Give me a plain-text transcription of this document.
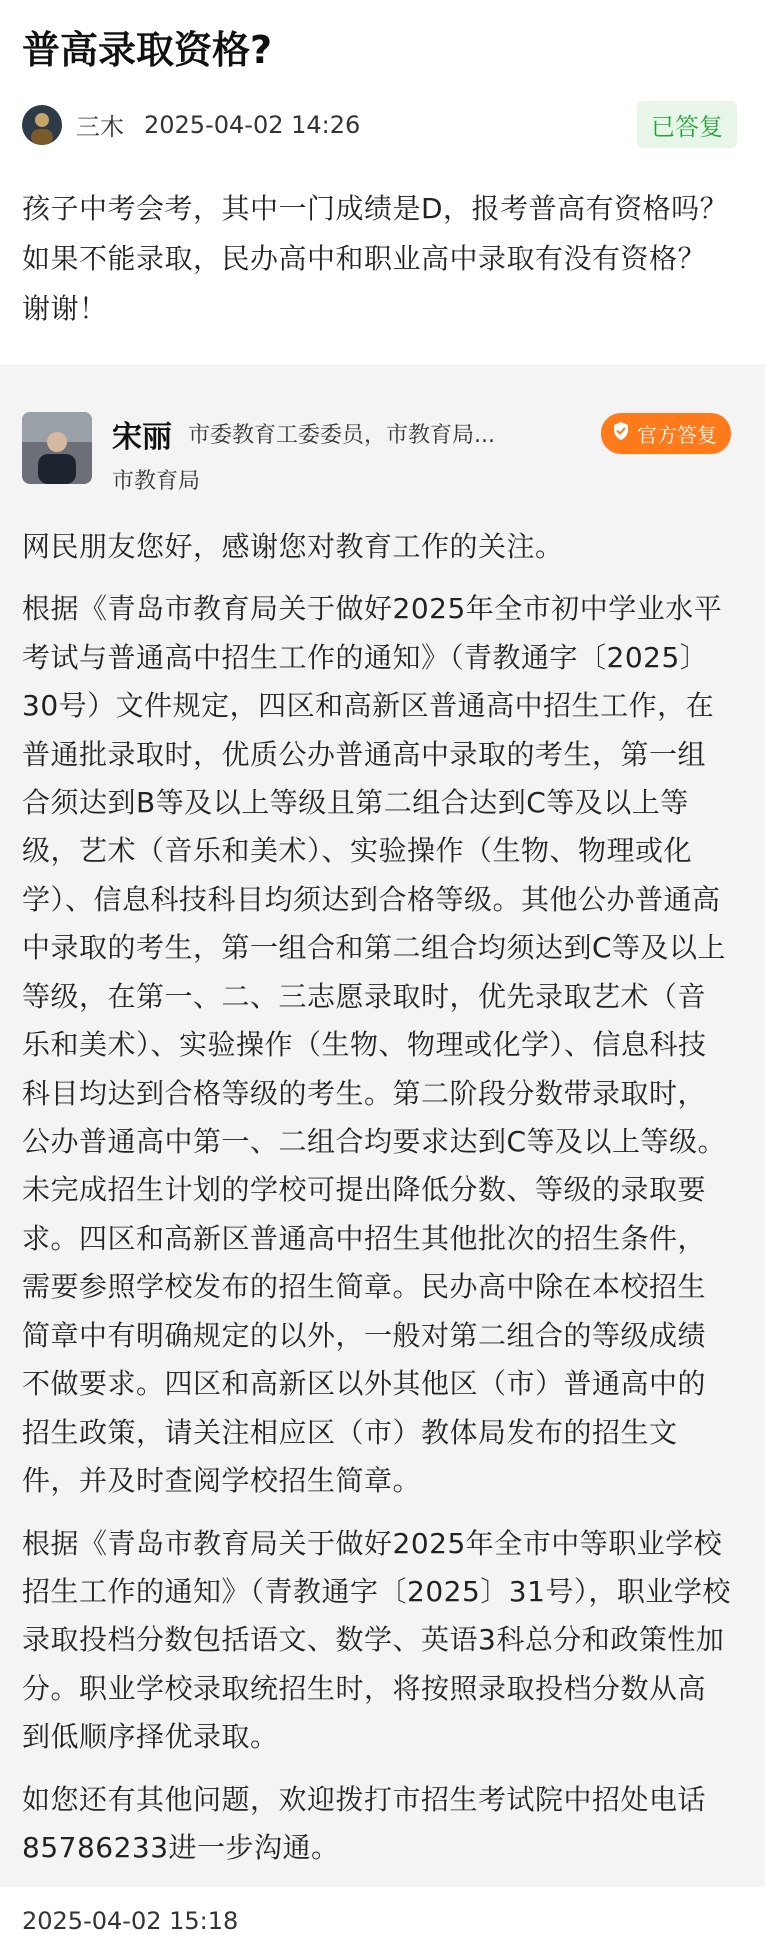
普高录取资格?
三木 2025-04-02 14:26	已答复
孩子中考会考，其中一门成绩是D，报考普高有资格吗？如果不能录取，民办高中和职业高中录取有没有资格？谢谢！
宋丽 市委教育工委委员，市教育局...	官方答复
市教育局

网民朋友您好，感谢您对教育工作的关注。

根据《青岛市教育局关于做好2025年全市初中学业水平考试与普通高中招生工作的通知》（青教通字〔2025〕30号）文件规定，四区和高新区普通高中招生工作，在普通批录取时，优质公办普通高中录取的考生，第一组合须达到B等及以上等级且第二组合达到C等及以上等级，艺术（音乐和美术）、实验操作（生物、物理或化学）、信息科技科目均须达到合格等级。其他公办普通高中录取的考生，第一组合和第二组合均须达到C等及以上等级，在第一、二、三志愿录取时，优先录取艺术（音乐和美术）、实验操作（生物、物理或化学）、信息科技科目均达到合格等级的考生。第二阶段分数带录取时，公办普通高中第一、二组合均要求达到C等及以上等级。未完成招生计划的学校可提出降低分数、等级的录取要求。四区和高新区普通高中招生其他批次的招生条件，需要参照学校发布的招生简章。民办高中除在本校招生简章中有明确规定的以外，一般对第二组合的等级成绩不做要求。四区和高新区以外其他区（市）普通高中的招生政策，请关注相应区（市）教体局发布的招生文件，并及时查阅学校招生简章。

根据《青岛市教育局关于做好2025年全市中等职业学校招生工作的通知》（青教通字〔2025〕31号），职业学校录取投档分数包括语文、数学、英语3科总分和政策性加分。职业学校录取统招生时，将按照录取投档分数从高到低顺序择优录取。

如您还有其他问题，欢迎拨打市招生考试院中招处电话85786233进一步沟通。

2025-04-02 15:18
